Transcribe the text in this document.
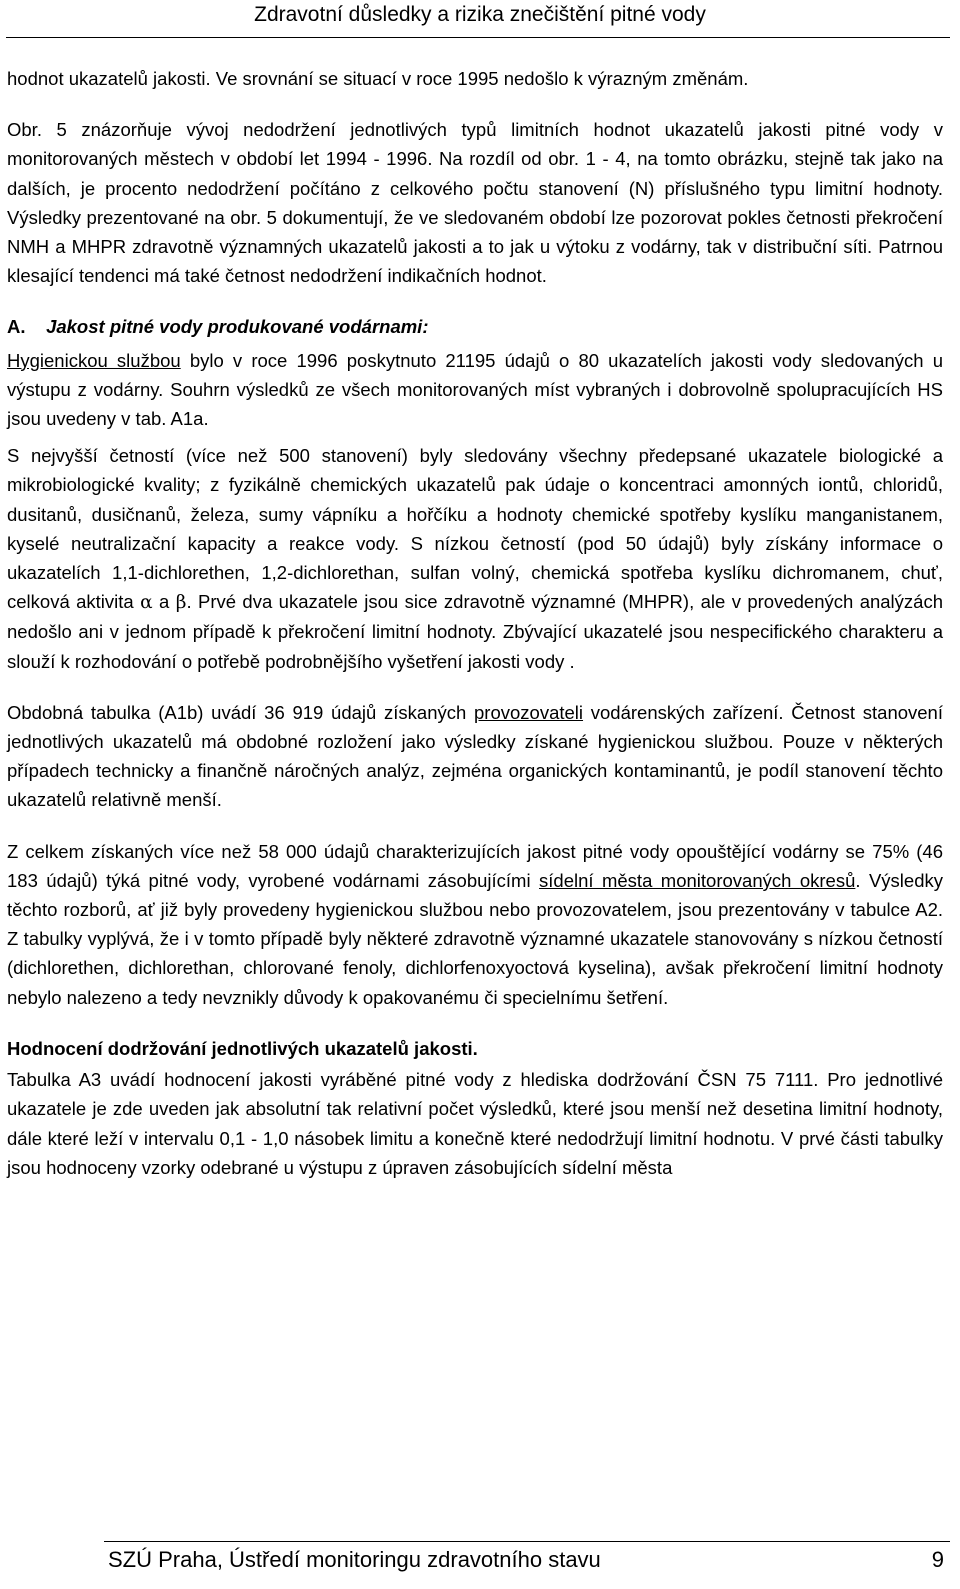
Zdravotní důsledky a rizika znečištění pitné vody

hodnot ukazatelů jakosti. Ve srovnání se situací v roce 1995 nedošlo k výrazným změnám.

Obr. 5 znázorňuje vývoj nedodržení jednotlivých typů limitních hodnot ukazatelů jakosti pitné vody v monitorovaných městech v období let 1994 - 1996. Na rozdíl od obr. 1 - 4, na tomto obrázku, stejně tak jako na dalších, je procento nedodržení počítáno z celkového počtu stanovení (N) příslušného typu limitní hodnoty. Výsledky prezentované na obr. 5 dokumentují, že ve sledovaném období lze pozorovat pokles četnosti překročení NMH a MHPR zdravotně významných ukazatelů jakosti a to jak u výtoku z vodárny, tak v distribuční síti. Patrnou klesající tendenci má také četnost nedodržení indikačních hodnot.

A. Jakost pitné vody produkované vodárnami:

Hygienickou službou bylo v roce 1996 poskytnuto 21195 údajů o 80 ukazatelích jakosti vody sledovaných u výstupu z vodárny. Souhrn výsledků ze všech monitorovaných míst vybraných i dobrovolně spolupracujících HS jsou uvedeny v tab. A1a.

S nejvyšší četností (více než 500 stanovení) byly sledovány všechny předepsané ukazatele biologické a mikrobiologické kvality; z fyzikálně chemických ukazatelů pak údaje o koncentraci amonných iontů, chloridů, dusitanů, dusičnanů, železa, sumy vápníku a hořčíku a hodnoty chemické spotřeby kyslíku manganistanem, kyselé neutralizační kapacity a reakce vody. S nízkou četností (pod 50 údajů) byly získány informace o ukazatelích 1,1-dichlorethen, 1,2-dichlorethan, sulfan volný, chemická spotřeba kyslíku dichromanem, chuť, celková aktivita α a β. Prvé dva ukazatele jsou sice zdravotně významné (MHPR), ale v provedených analýzách nedošlo ani v jednom případě k překročení limitní hodnoty. Zbývající ukazatelé jsou nespecifického charakteru a slouží k rozhodování o potřebě podrobnějšího vyšetření jakosti vody .

Obdobná tabulka (A1b) uvádí 36 919 údajů získaných provozovateli vodárenských zařízení. Četnost stanovení jednotlivých ukazatelů má obdobné rozložení jako výsledky získané hygienickou službou. Pouze v některých případech technicky a finančně náročných analýz, zejména organických kontaminantů, je podíl stanovení těchto ukazatelů relativně menší.

Z celkem získaných více než 58 000 údajů charakterizujících jakost pitné vody opouštějící vodárny se 75% (46 183 údajů) týká pitné vody, vyrobené vodárnami zásobujícími sídelní města monitorovaných okresů. Výsledky těchto rozborů, ať již byly provedeny hygienickou službou nebo provozovatelem, jsou prezentovány v tabulce A2. Z tabulky vyplývá, že i v tomto případě byly některé zdravotně významné ukazatele stanovovány s nízkou četností (dichlorethen, dichlorethan, chlorované fenoly, dichlorfenoxyoctová kyselina), avšak překročení limitní hodnoty nebylo nalezeno a tedy nevznikly důvody k opakovanému či specielnímu šetření.

Hodnocení dodržování jednotlivých ukazatelů jakosti.

Tabulka A3 uvádí hodnocení jakosti vyráběné pitné vody z hlediska dodržování ČSN 75 7111. Pro jednotlivé ukazatele je zde uveden jak absolutní tak relativní počet výsledků, které jsou menší než desetina limitní hodnoty, dále které leží v intervalu 0,1 - 1,0 násobek limitu a konečně které nedodržují limitní hodnotu. V prvé části tabulky jsou hodnoceny vzorky odebrané u výstupu z úpraven zásobujících sídelní města

SZÚ Praha, Ústředí monitoringu zdravotního stavu	9
